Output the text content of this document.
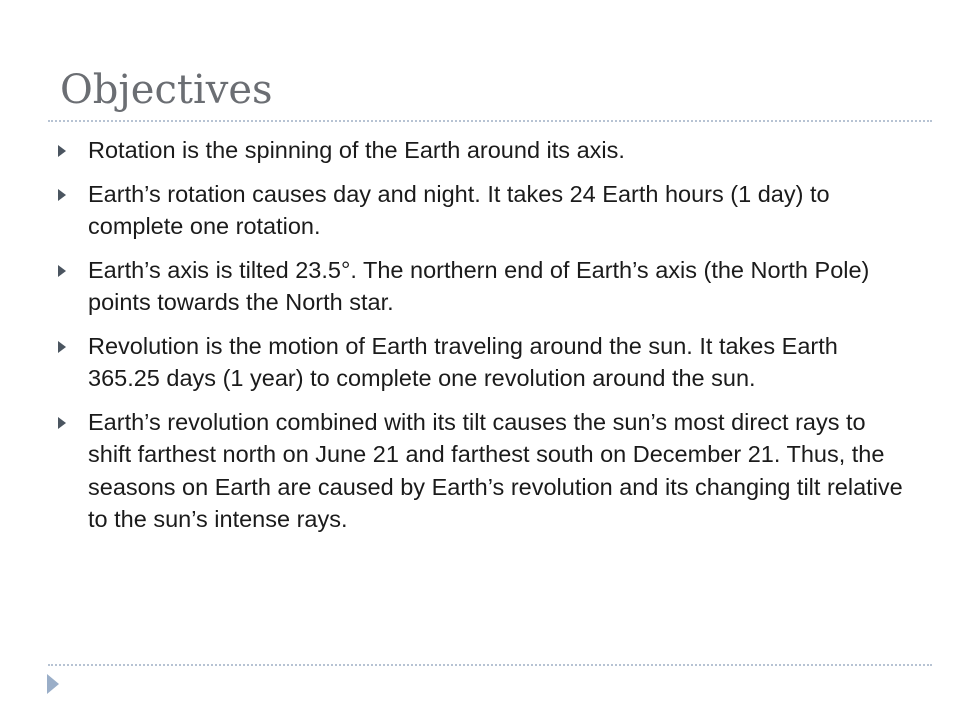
Objectives
Rotation is the spinning of the Earth around its axis.
Earth’s rotation causes day and night. It takes 24 Earth hours (1 day) to complete one rotation.
Earth’s axis is tilted 23.5°. The northern end of Earth’s axis (the North Pole) points towards the North star.
Revolution is the motion of Earth traveling around the sun. It takes Earth 365.25 days (1 year) to complete one revolution around the sun.
Earth’s revolution combined with its tilt causes the sun’s most direct rays to shift farthest north on June 21 and farthest south on December 21. Thus, the seasons on Earth are caused by Earth’s revolution and its changing tilt relative to the sun’s intense rays.
